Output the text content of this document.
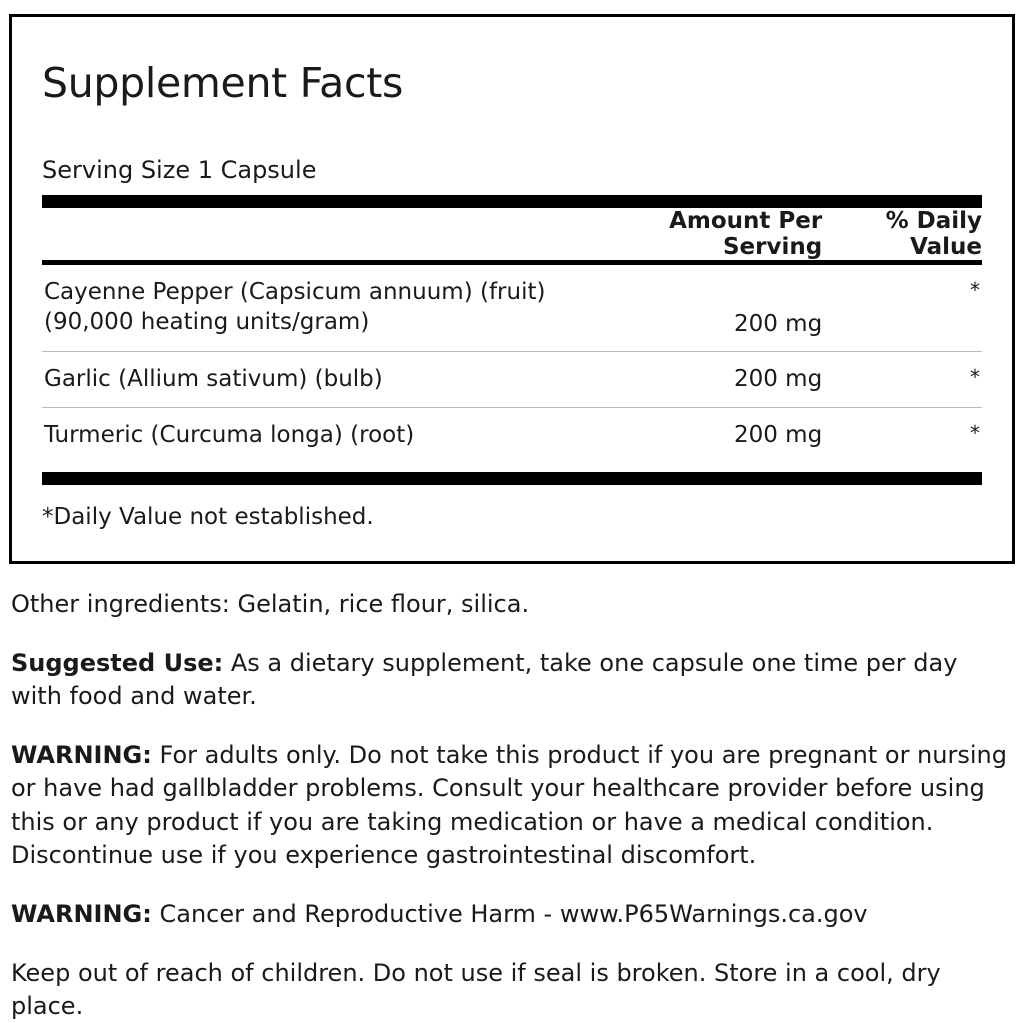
Supplement Facts
Serving Size 1 Capsule
	Amount Per Serving	% Daily Value
Cayenne Pepper (Capsicum annuum) (fruit) (90,000 heating units/gram)	200 mg	*

Garlic (Allium sativum) (bulb)	200 mg	*

Turmeric (Curcuma longa) (root)	200 mg	*
*Daily Value not established.

Other ingredients: Gelatin, rice flour, silica.

Suggested Use: As a dietary supplement, take one capsule one time per day with food and water.

WARNING: For adults only. Do not take this product if you are pregnant or nursing or have had gallbladder problems. Consult your healthcare provider before using this or any product if you are taking medication or have a medical condition. Discontinue use if you experience gastrointestinal discomfort.

WARNING: Cancer and Reproductive Harm - www.P65Warnings.ca.gov

Keep out of reach of children. Do not use if seal is broken. Store in a cool, dry place.
